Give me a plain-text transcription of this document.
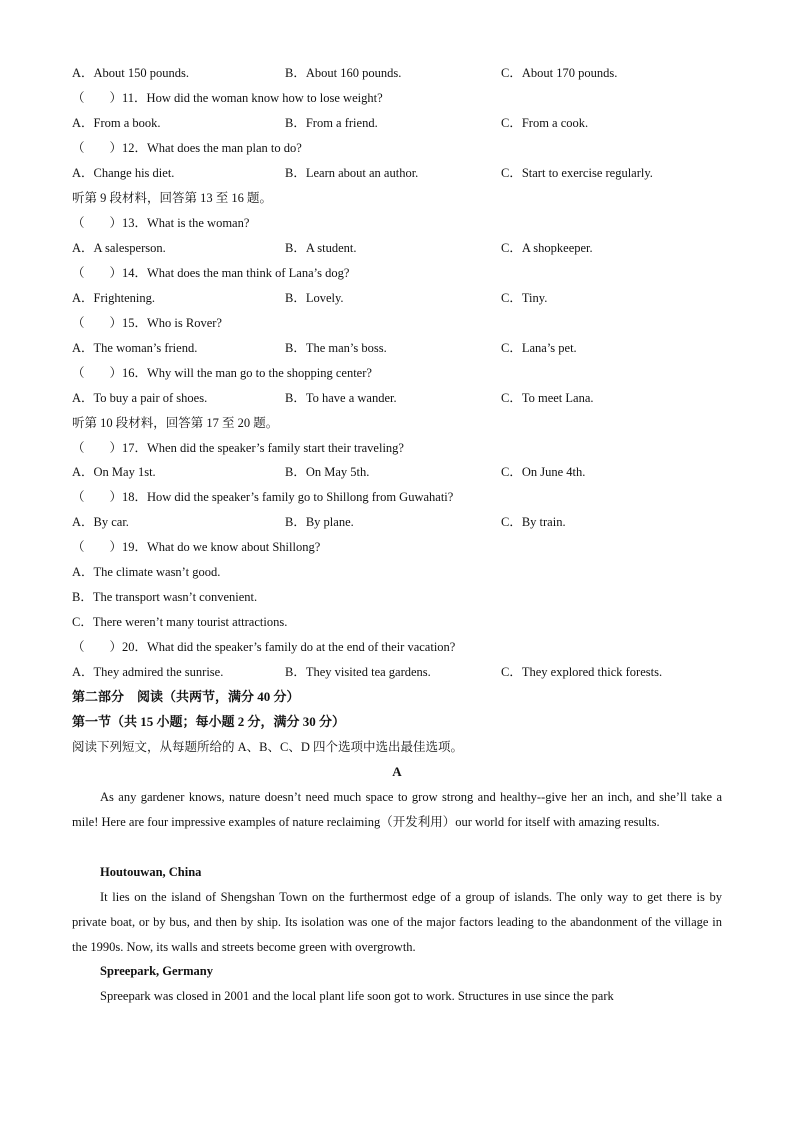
A．About 150 pounds.	B．About 160 pounds.	C．About 170 pounds.
（　　）11．How did the woman know how to lose weight?
A．From a book.	B．From a friend.	C．From a cook.
（　　）12．What does the man plan to do?
A．Change his diet.	B．Learn about an author.	C．Start to exercise regularly.
听第 9 段材料，回答第 13 至 16 题。
（　　）13．What is the woman?
A．A salesperson.	B．A student.	C．A shopkeeper.
（　　）14．What does the man think of Lana’s dog?
A．Frightening.	B．Lovely.	C．Tiny.
（　　）15．Who is Rover?
A．The woman’s friend.	B．The man’s boss.	C．Lana’s pet.
（　　）16．Why will the man go to the shopping center?
A．To buy a pair of shoes.	B．To have a wander.	C．To meet Lana.
听第 10 段材料，回答第 17 至 20 题。
（　　）17．When did the speaker’s family start their traveling?
A．On May 1st.	B．On May 5th.	C．On June 4th.
（　　）18．How did the speaker’s family go to Shillong from Guwahati?
A．By car.	B．By plane.	C．By train.
（　　）19．What do we know about Shillong?
A．The climate wasn’t good.
B．The transport wasn’t convenient.
C．There weren’t many tourist attractions.
（　　）20．What did the speaker’s family do at the end of their vacation?
A．They admired the sunrise.	B．They visited tea gardens.	C．They explored thick forests.
第二部分　阅读（共两节，满分 40 分）
第一节（共 15 小题；每小题 2 分，满分 30 分）
阅读下列短文，从每题所给的 A、B、C、D 四个选项中选出最佳选项。
A
As any gardener knows, nature doesn’t need much space to grow strong and healthy--give her an inch, and she’ll take a mile! Here are four impressive examples of nature reclaiming（开发利用）our world for itself with amazing results.
Houtouwan, China
It lies on the island of Shengshan Town on the furthermost edge of a group of islands. The only way to get there is by private boat, or by bus, and then by ship. Its isolation was one of the major factors leading to the abandonment of the village in the 1990s. Now, its walls and streets become green with overgrowth.
Spreepark, Germany
Spreepark was closed in 2001 and the local plant life soon got to work. Structures in use since the park
